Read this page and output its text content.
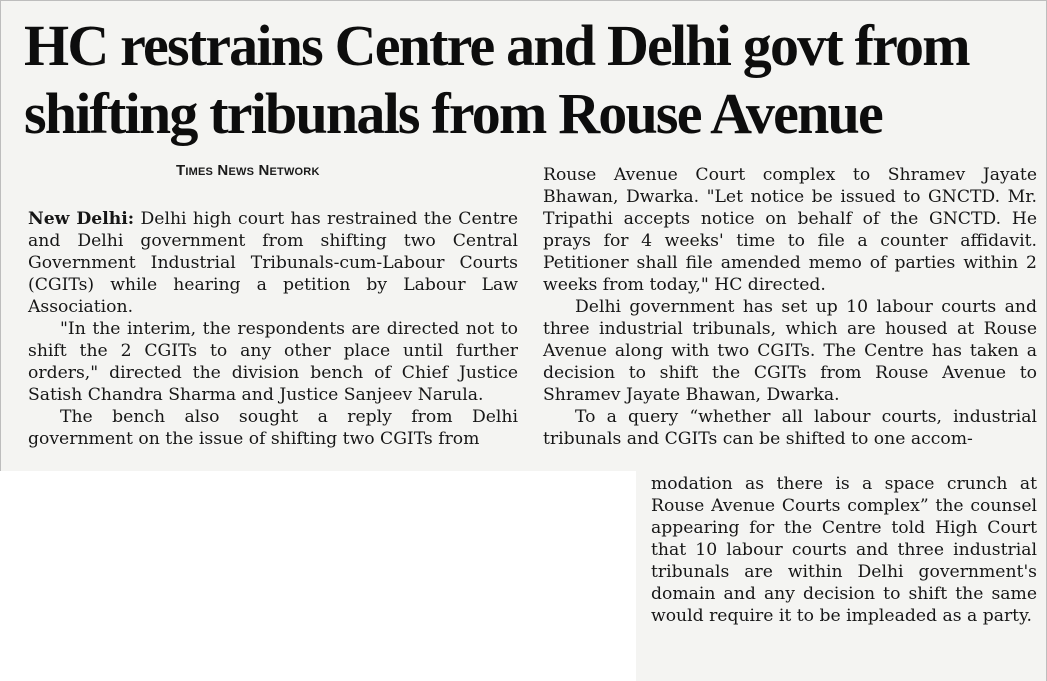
HC restrains Centre and Delhi govt from
shifting tribunals from Rouse Avenue
Times News Network

New Delhi: Delhi high court has restrained the Centre and Delhi government from shifting two Central Government Industrial Tribunals-cum-Labour Courts (CGITs) while hearing a petition by Labour Law Association.

"In the interim, the respondents are directed not to shift the 2 CGITs to any other place until further orders," directed the division bench of Chief Justice Satish Chandra Sharma and Justice Sanjeev Narula.

The bench also sought a reply from Delhi government on the issue of shifting two CGITs from

Rouse Avenue Court complex to Shramev Jayate Bhawan, Dwarka. "Let notice be issued to GNCTD. Mr. Tripathi accepts notice on behalf of the GNCTD. He prays for 4 weeks' time to file a counter affidavit. Petitioner shall file amended memo of parties within 2 weeks from today," HC directed.

Delhi government has set up 10 labour courts and three industrial tribunals, which are housed at Rouse Avenue along with two CGITs. The Centre has taken a decision to shift the CGITs from Rouse Avenue to Shramev Jayate Bhawan, Dwarka.

To a query “whether all labour courts, industrial tribunals and CGITs can be shifted to one accom-

modation as there is a space crunch at Rouse Avenue Courts complex” the counsel appearing for the Centre told High Court that 10 labour courts and three industrial tribunals are within Delhi government's domain and any decision to shift the same would require it to be impleaded as a party.
